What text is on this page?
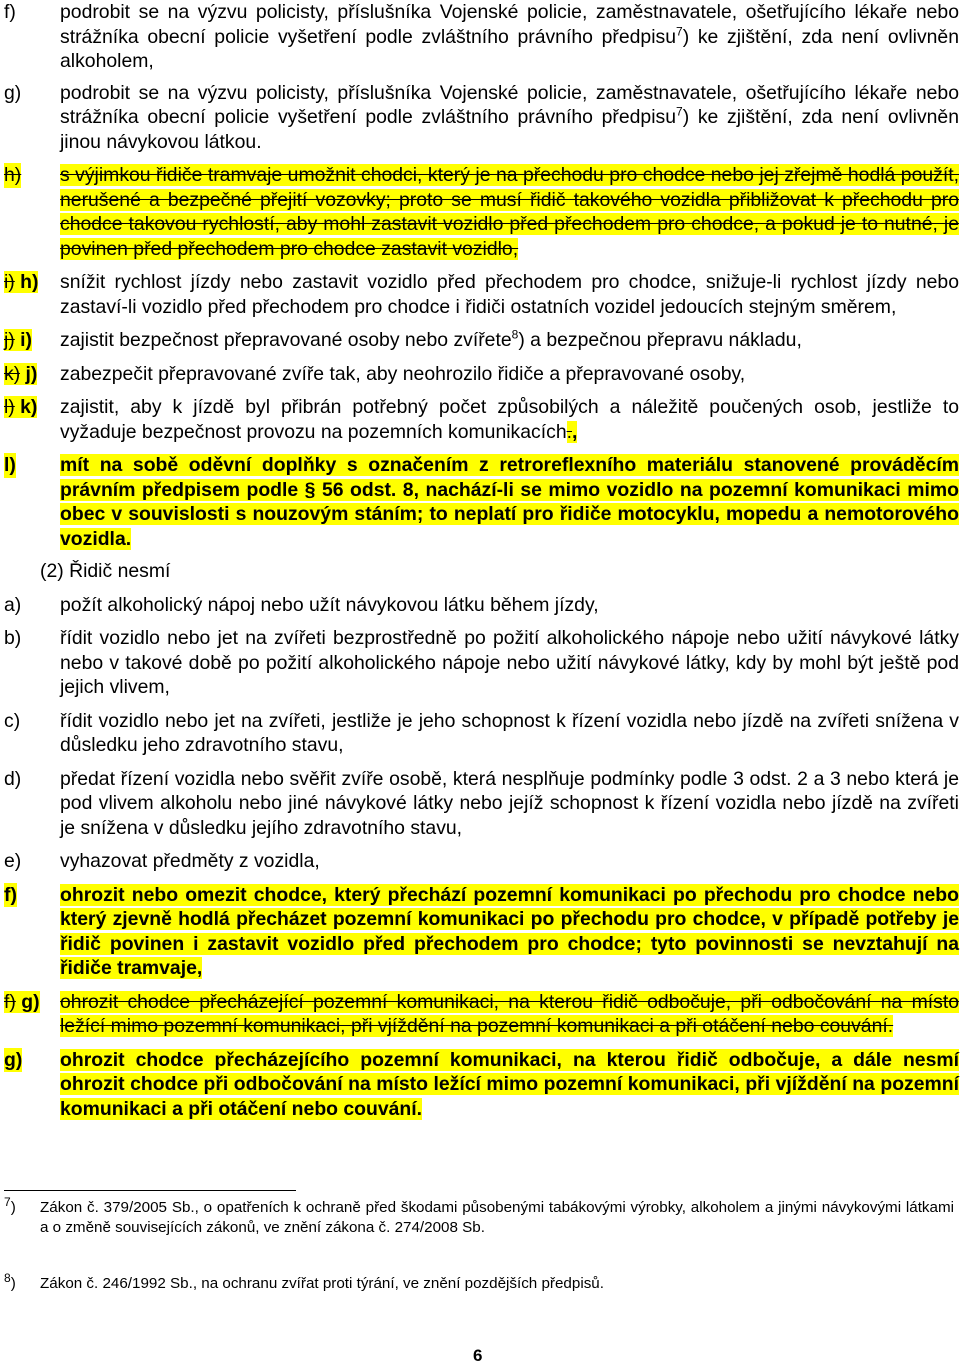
f) podrobit se na výzvu policisty, příslušníka Vojenské policie, zaměstnavatele, ošetřujícího lékaře nebo strážníka obecní policie vyšetření podle zvláštního právního předpisu$^7$) ke zjištění, zda není ovlivněn alkoholem,
g) podrobit se na výzvu policisty, příslušníka Vojenské policie, zaměstnavatele, ošetřujícího lékaře nebo strážníka obecní policie vyšetření podle zvláštního právního předpisu$^7$) ke zjištění, zda není ovlivněn jinou návykovou látkou.
h) s výjimkou řidiče tramvaje umožnit chodci, který je na přechodu pro chodce nebo jej zřejmě hodlá použít, nerušené a bezpečné přejití vozovky; proto se musí řidič takového vozidla přibližovat k přechodu pro chodce takovou rychlostí, aby mohl zastavit vozidlo před přechodem pro chodce, a pokud je to nutné, je povinen před přechodem pro chodce zastavit vozidlo,
i) h) snížit rychlost jízdy nebo zastavit vozidlo před přechodem pro chodce, snižuje-li rychlost jízdy nebo zastaví-li vozidlo před přechodem pro chodce i řidiči ostatních vozidel jedoucích stejným směrem,
j) i) zajistit bezpečnost přepravované osoby nebo zvířete$^8$) a bezpečnou přepravu nákladu,
k) j) zabezpečit přepravované zvíře tak, aby neohrozilo řidiče a přepravované osoby,
l) k) zajistit, aby k jízdě byl přibrán potřebný počet způsobilých a náležitě poučených osob, jestliže to vyžaduje bezpečnost provozu na pozemních komunikacích.,
l) mít na sobě oděvní doplňky s označením z retroreflexního materiálu stanovené prováděcím právním předpisem podle § 56 odst. 8, nachází-li se mimo vozidlo na pozemní komunikaci mimo obec v souvislosti s nouzovým stáním; to neplatí pro řidiče motocyklu, mopedu a nemotorového vozidla.
(2) Řidič nesmí
a) požít alkoholický nápoj nebo užít návykovou látku během jízdy,
b) řídit vozidlo nebo jet na zvířeti bezprostředně po požití alkoholického nápoje nebo užití návykové látky nebo v takové době po požití alkoholického nápoje nebo užití návykové látky, kdy by mohl být ještě pod jejich vlivem,
c) řídit vozidlo nebo jet na zvířeti, jestliže je jeho schopnost k řízení vozidla nebo jízdě na zvířeti snížena v důsledku jeho zdravotního stavu,
d) předat řízení vozidla nebo svěřit zvíře osobě, která nesplňuje podmínky podle 3 odst. 2 a 3 nebo která je pod vlivem alkoholu nebo jiné návykové látky nebo jejíž schopnost k řízení vozidla nebo jízdě na zvířeti je snížena v důsledku jejího zdravotního stavu,
e) vyhazovat předměty z vozidla,
f) ohrozit nebo omezit chodce, který přechází pozemní komunikaci po přechodu pro chodce nebo který zjevně hodlá přecházet pozemní komunikaci po přechodu pro chodce, v případě potřeby je řidič povinen i zastavit vozidlo před přechodem pro chodce; tyto povinnosti se nevztahují na řidiče tramvaje,
f) g) ohrozit chodce přecházející pozemní komunikaci, na kterou řidič odbočuje, při odbočování na místo ležící mimo pozemní komunikaci, při vjíždění na pozemní komunikaci a při otáčení nebo couvání.
g) ohrozit chodce přecházejícího pozemní komunikaci, na kterou řidič odbočuje, a dále nesmí ohrozit chodce při odbočování na místo ležící mimo pozemní komunikaci, při vjíždění na pozemní komunikaci a při otáčení nebo couvání.
$^7$)	Zákon č. 379/2005 Sb., o opatřeních k ochraně před škodami působenými tabákovými výrobky, alkoholem a jinými návykovými látkami a o změně souvisejících zákonů, ve znění zákona č. 274/2008 Sb.
$^8$)	Zákon č. 246/1992 Sb., na ochranu zvířat proti týrání, ve znění pozdějších předpisů.
6
